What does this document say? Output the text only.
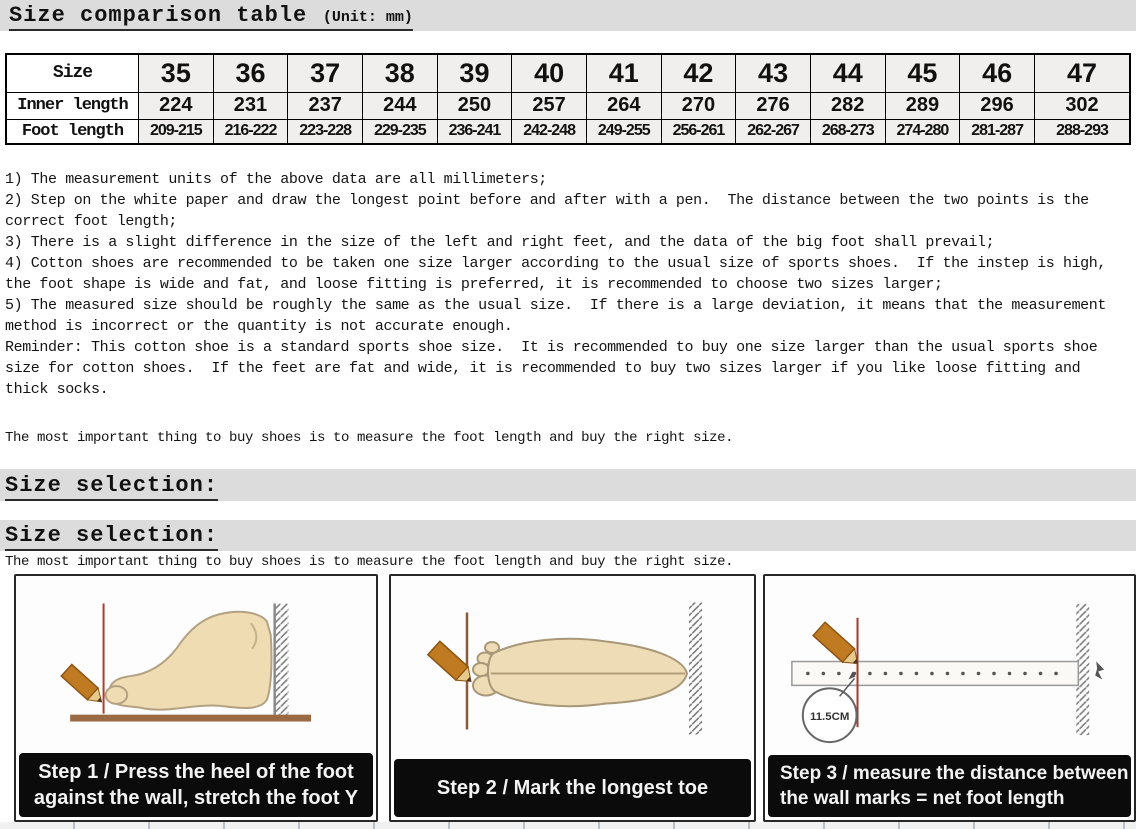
Size comparison table (Unit: mm)
Size	35	36	37	38	39	40	41	42	43	44	45	46	47
Inner length	224	231	237	244	250	257	264	270	276	282	289	296	302
Foot length	209-215	216-222	223-228	229-235	236-241	242-248	249-255	256-261	262-267	268-273	274-280	281-287	288-293
1) The measurement units of the above data are all millimeters;
2) Step on the white paper and draw the longest point before and after with a pen.  The distance between the two points is the correct foot length;
3) There is a slight difference in the size of the left and right feet, and the data of the big foot shall prevail;
4) Cotton shoes are recommended to be taken one size larger according to the usual size of sports shoes.  If the instep is high, the foot shape is wide and fat, and loose fitting is preferred, it is recommended to choose two sizes larger;
5) The measured size should be roughly the same as the usual size.  If there is a large deviation, it means that the measurement method is incorrect or the quantity is not accurate enough.
Reminder: This cotton shoe is a standard sports shoe size.  It is recommended to buy one size larger than the usual sports shoe size for cotton shoes.  If the feet are fat and wide, it is recommended to buy two sizes larger if you like loose fitting and thick socks.
The most important thing to buy shoes is to measure the foot length and buy the right size.
Size selection:
Size selection:
The most important thing to buy shoes is to measure the foot length and buy the right size.
Step 1 / Press the heel of the foot
against the wall, stretch the foot Y	Step 2 / Mark the longest toe
11.5CM
Step 3 / measure the distance between
the wall marks = net foot length
